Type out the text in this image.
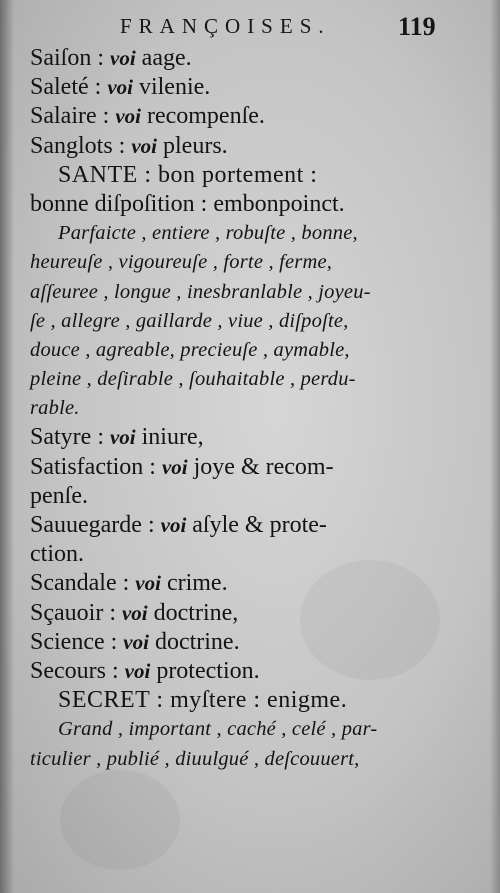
FRANÇOISES.	119
Saiſon : voi aage.
Saleté : voi vilenie.
Salaire : voi recompenſe.
Sanglots : voi pleurs.
SANTE : bon portement :
bonne diſpoſition : embonpoinct.
Parfaicte , entiere , robuſte , bonne,
heureuſe , vigoureuſe , forte , ferme,
aſſeuree , longue , inesbranlable , joyeu-
ſe , allegre , gaillarde , viue , diſpoſte,
douce , agreable, precieuſe , aymable,
pleine , deſirable , ſouhaitable , perdu-
rable.
Satyre : voi iniure,
Satisfaction : voi joye & recom-
penſe.
Sauuegarde : voi aſyle & prote-
ction.
Scandale : voi crime.
Sçauoir : voi doctrine,
Science : voi doctrine.
Secours : voi protection.
SECRET : myſtere : enigme.
Grand , important , caché , celé , par-
ticulier , publié , diuulgué , deſcouuert,
